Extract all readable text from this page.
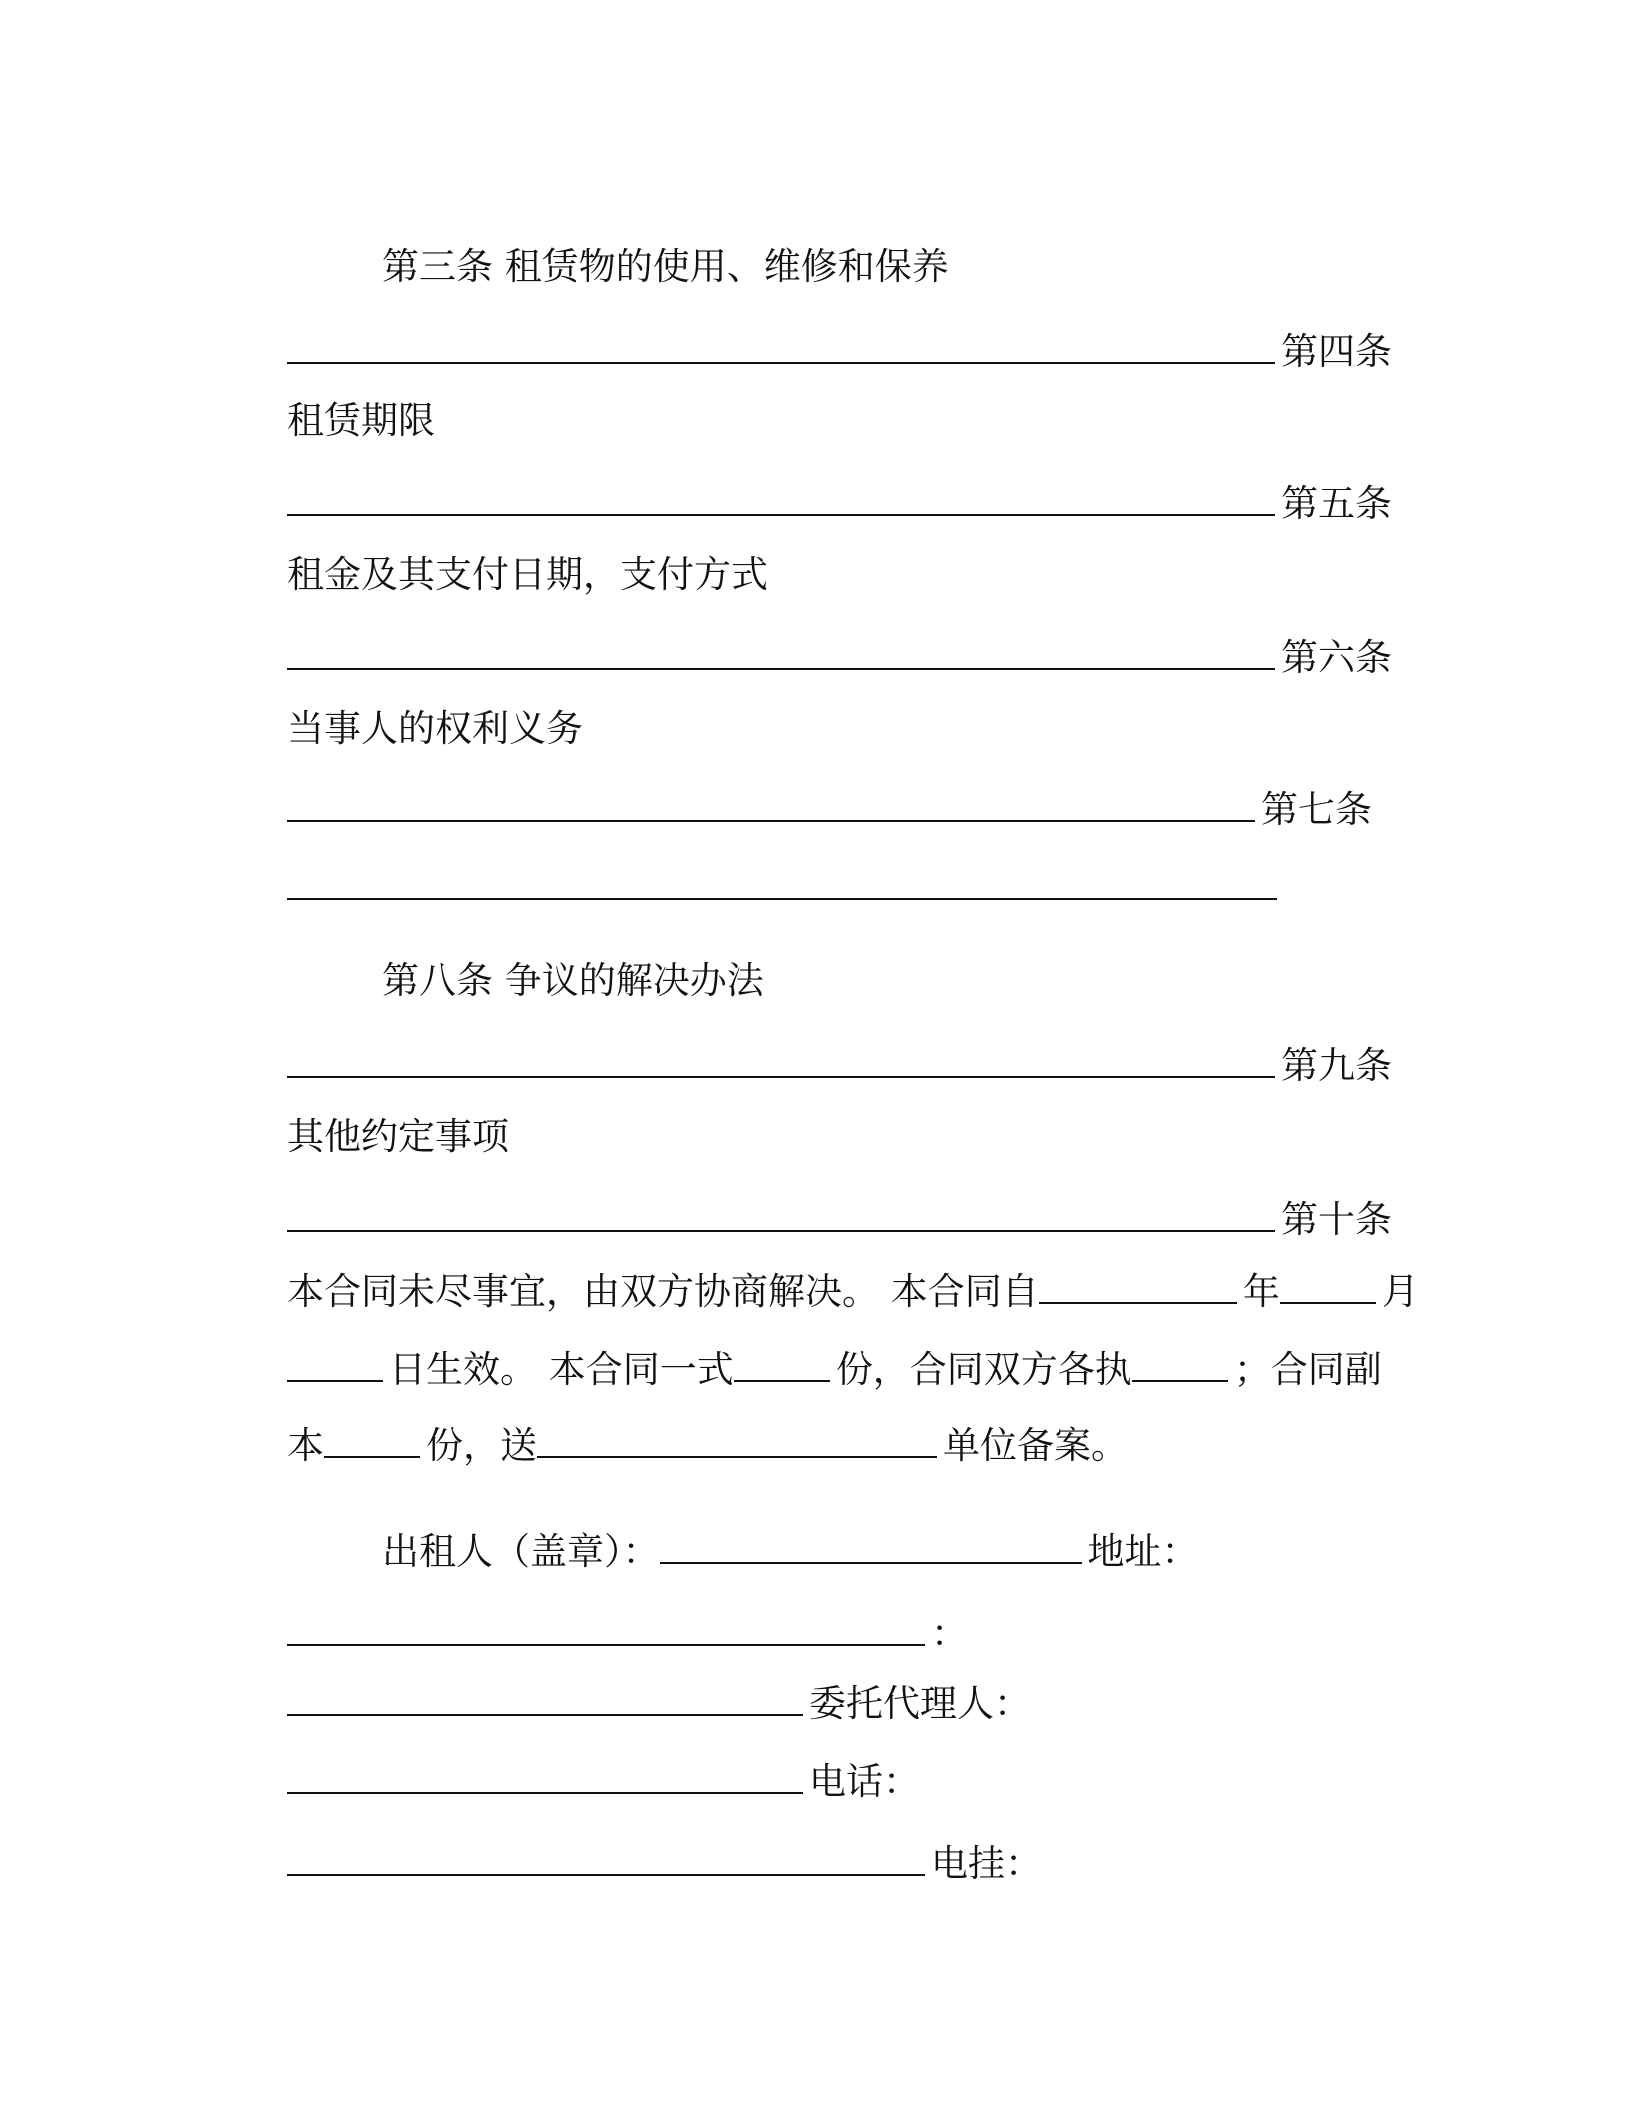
第三条 租赁物的使用、维修和保养

第四条

租赁期限

第五条

租金及其支付日期，支付方式

第六条

当事人的权利义务

第七条

第八条 争议的解决办法

第九条

其他约定事项

第十条

本合同未尽事宜，由双方协商解决。 本合同自	年	月

日生效。 本合同一式	份，合同双方各执	；合同副

本	份，送	单位备案。

出租人（盖章）：	地址：

：

委托代理人：

电话：

电挂：
